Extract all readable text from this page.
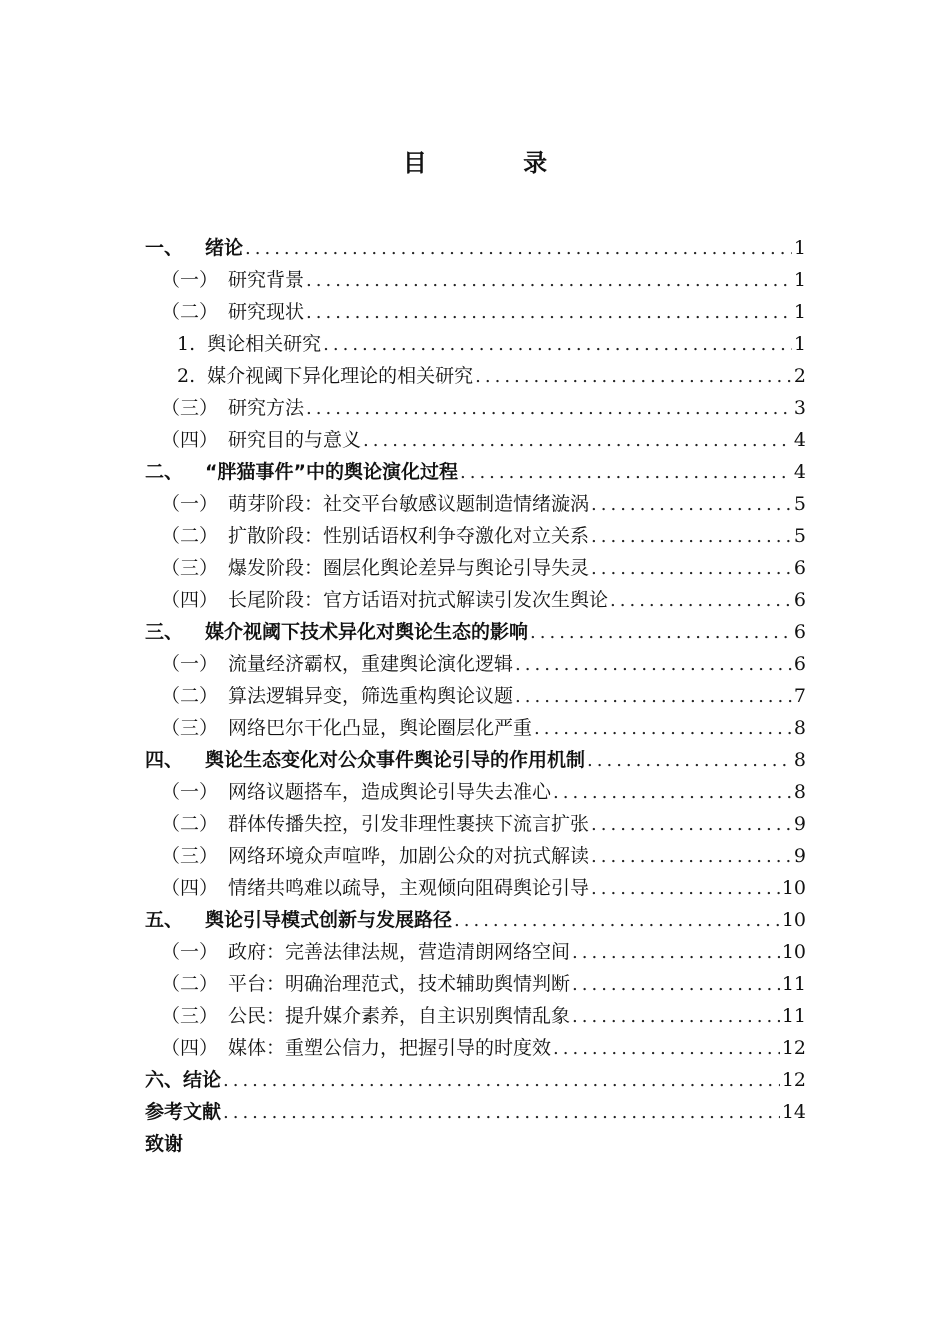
目 录
一、 绪论 .....	1
（一） 研究背景 .....	1
（二） 研究现状 .....	1
1. 舆论相关研究 .....	1
2. 媒介视阈下异化理论的相关研究 .....	2
（三） 研究方法 .....	3
（四） 研究目的与意义 .....	4
二、 “胖猫事件”中的舆论演化过程 .....	4
（一） 萌芽阶段：社交平台敏感议题制造情绪漩涡 .....	5
（二） 扩散阶段：性别话语权利争夺激化对立关系 .....	5
（三） 爆发阶段：圈层化舆论差异与舆论引导失灵 .....	6
（四） 长尾阶段：官方话语对抗式解读引发次生舆论 .....	6
三、 媒介视阈下技术异化对舆论生态的影响 .....	6
（一） 流量经济霸权，重建舆论演化逻辑 .....	6
（二） 算法逻辑异变，筛选重构舆论议题 .....	7
（三） 网络巴尔干化凸显，舆论圈层化严重 .....	8
四、 舆论生态变化对公众事件舆论引导的作用机制 .....	8
（一） 网络议题搭车，造成舆论引导失去准心 .....	8
（二） 群体传播失控，引发非理性裹挟下流言扩张 .....	9
（三） 网络环境众声喧哗，加剧公众的对抗式解读 .....	9
（四） 情绪共鸣难以疏导，主观倾向阻碍舆论引导 .....	10
五、 舆论引导模式创新与发展路径 .....	10
（一） 政府：完善法律法规，营造清朗网络空间 .....	10
（二） 平台：明确治理范式，技术辅助舆情判断 .....	11
（三） 公民：提升媒介素养，自主识别舆情乱象 .....	11
（四） 媒体：重塑公信力，把握引导的时度效 .....	12
六、结论 .....	12
参考文献 .....	14
致谢
